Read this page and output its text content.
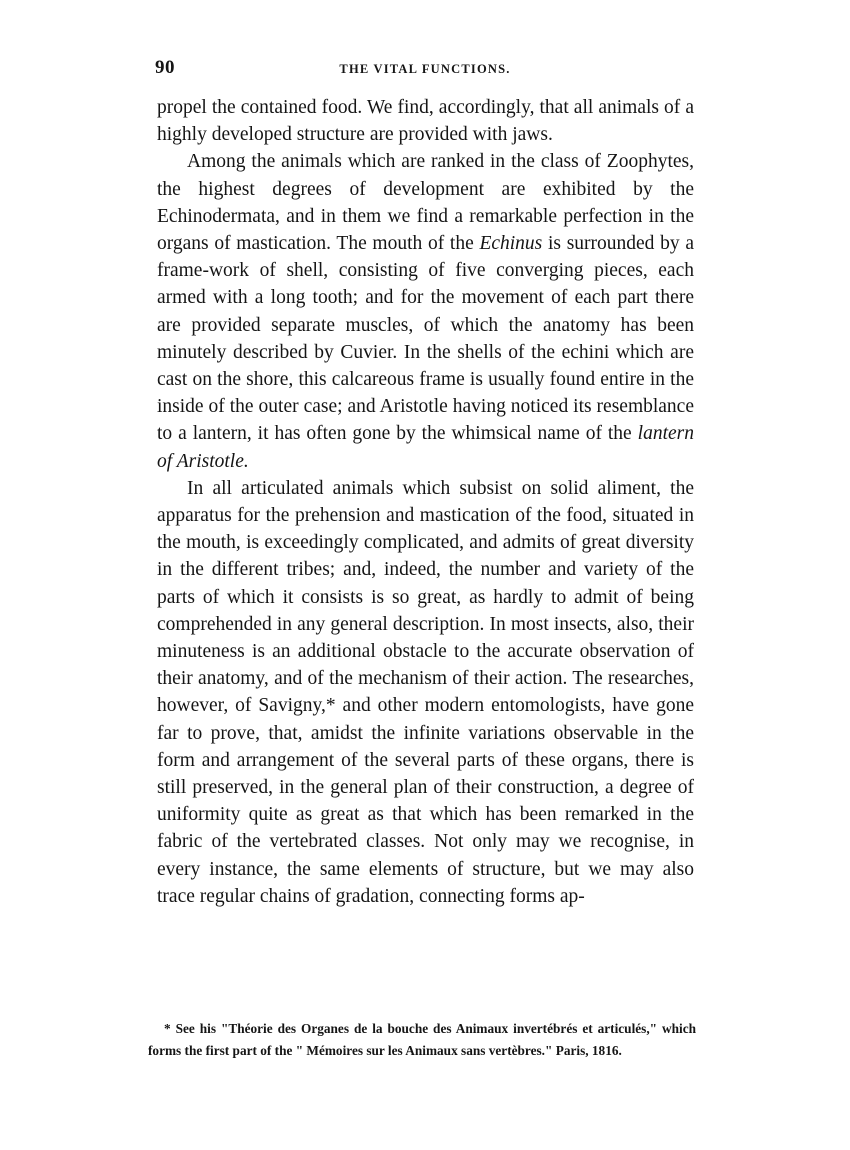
90	THE VITAL FUNCTIONS.

propel the contained food. We find, accordingly, that all animals of a highly developed structure are provided with jaws.

Among the animals which are ranked in the class of Zoophytes, the highest degrees of development are exhibited by the Echinodermata, and in them we find a remarkable perfection in the organs of mastication. The mouth of the Echinus is surrounded by a frame-work of shell, consisting of five converging pieces, each armed with a long tooth; and for the movement of each part there are provided separate muscles, of which the anatomy has been minutely described by Cuvier. In the shells of the echini which are cast on the shore, this calcareous frame is usually found entire in the inside of the outer case; and Aristotle having noticed its resemblance to a lantern, it has often gone by the whimsical name of the lantern of Aristotle.

In all articulated animals which subsist on solid aliment, the apparatus for the prehension and mastication of the food, situated in the mouth, is exceedingly complicated, and admits of great diversity in the different tribes; and, indeed, the number and variety of the parts of which it consists is so great, as hardly to admit of being comprehended in any general description. In most insects, also, their minuteness is an additional obstacle to the accurate observation of their anatomy, and of the mechanism of their action. The researches, however, of Savigny,* and other modern entomologists, have gone far to prove, that, amidst the infinite variations observable in the form and arrangement of the several parts of these organs, there is still preserved, in the general plan of their construction, a degree of uniformity quite as great as that which has been remarked in the fabric of the vertebrated classes. Not only may we recognise, in every instance, the same elements of structure, but we may also trace regular chains of gradation, connecting forms ap-

* See his "Théorie des Organes de la bouche des Animaux invertébrés et articulés," which forms the first part of the " Mémoires sur les Animaux sans vertèbres." Paris, 1816.
